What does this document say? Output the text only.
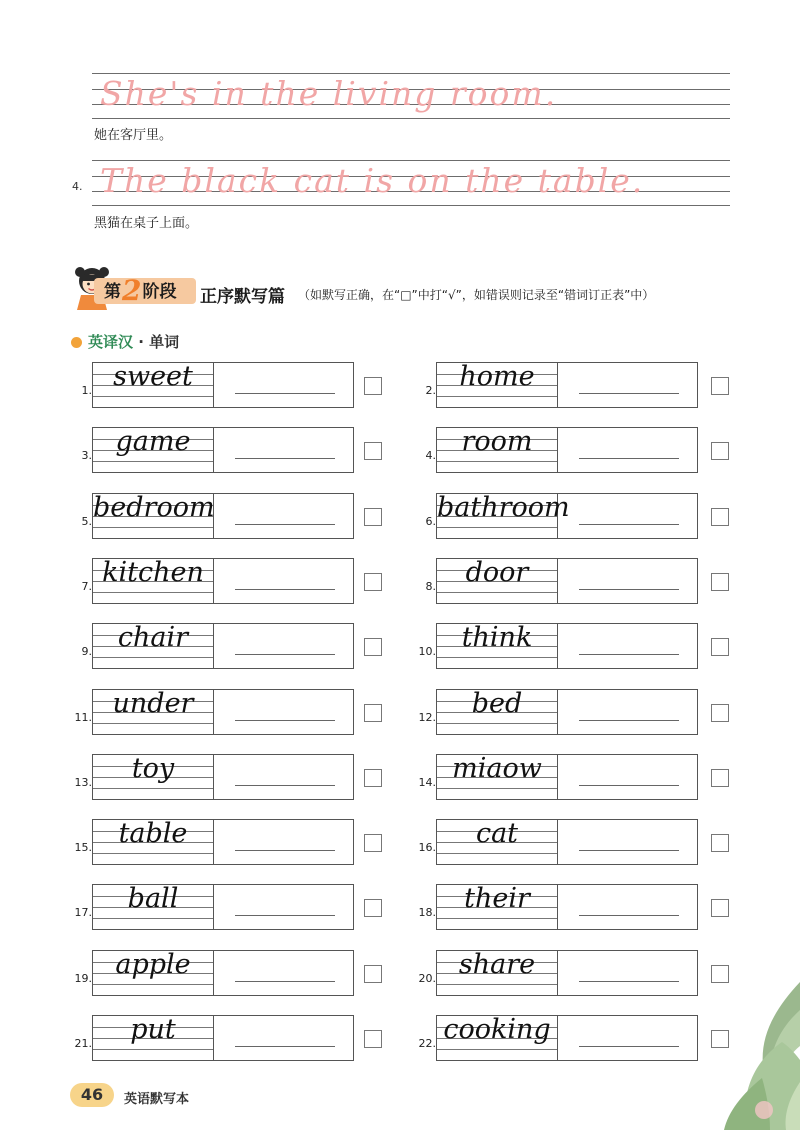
She's in the living room.
她在客厅里。
4. The black cat is on the table.
黑猫在桌子上面。
第2阶段 正序默写篇 （如默写正确，在“□”中打“√”，如错误则记录至“错词订正表”中）
英译汉 · 单词
1. sweet	2. home
3. game	4. room
5. bedroom	6. bathroom
7. kitchen	8.	door
9. chair	10. think
11. under	12.	bed
13.	toy	14. miaow
15. table	16.	cat
17.	ball	18.	their
19. apple	20. share
21.	put	22. cooking
46	英语默写本
